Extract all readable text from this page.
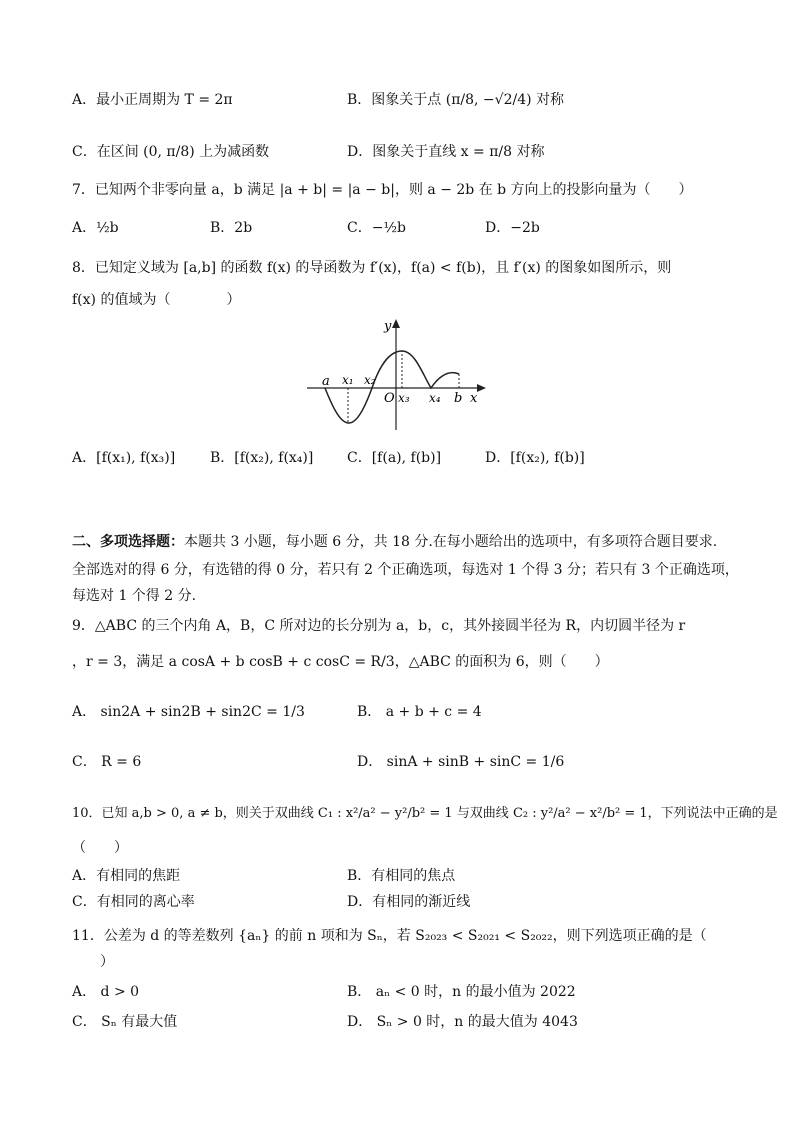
A．最小正周期为 T = 2π	B．图象关于点 (π/8, −√2/4) 对称
C．在区间 (0, π/8) 上为减函数	D．图象关于直线 x = π/8 对称
7．已知两个非零向量 a，b 满足 |a + b| = |a − b|，则 a − 2b 在 b 方向上的投影向量为（　　）
A．½b	B．2b	C．−½b	D．−2b
8．已知定义域为 [a,b] 的函数 f(x) 的导函数为 f′(x)，f(a) < f(b)，且 f′(x) 的图象如图所示，则
f(x) 的值域为（　　　　）
y
a x₁ x₂
O x₃ x₄ b x
A．[f(x₁), f(x₃)] B．[f(x₂), f(x₄)] C．[f(a), f(b)]	D．[f(x₂), f(b)]
二、多项选择题：本题共 3 小题，每小题 6 分，共 18 分.在每小题给出的选项中，有多项符合题目要求.
全部选对的得 6 分，有选错的得 0 分，若只有 2 个正确选项，每选对 1 个得 3 分；若只有 3 个正确选项，
每选对 1 个得 2 分.
9．△ABC 的三个内角 A，B，C 所对边的长分别为 a，b，c，其外接圆半径为 R，内切圆半径为 r
，r = 3，满足 a cosA + b cosB + c cosC = R/3，△ABC 的面积为 6，则（　　）
A． sin2A + sin2B + sin2C = 1/3	B． a + b + c = 4
C． R = 6	D． sinA + sinB + sinC = 1/6
10．已知 a,b > 0, a ≠ b，则关于双曲线 C₁ : x²/a² − y²/b² = 1 与双曲线 C₂ : y²/a² − x²/b² = 1，下列说法中正确的是
（　　）
A．有相同的焦距	B．有相同的焦点
C．有相同的离心率	D．有相同的渐近线
11．公差为 d 的等差数列 {aₙ} 的前 n 项和为 Sₙ，若 S₂₀₂₃ < S₂₀₂₁ < S₂₀₂₂，则下列选项正确的是（
　　）
A． d > 0	B． aₙ < 0 时，n 的最小值为 2022
C． Sₙ 有最大值	D． Sₙ > 0 时，n 的最大值为 4043
